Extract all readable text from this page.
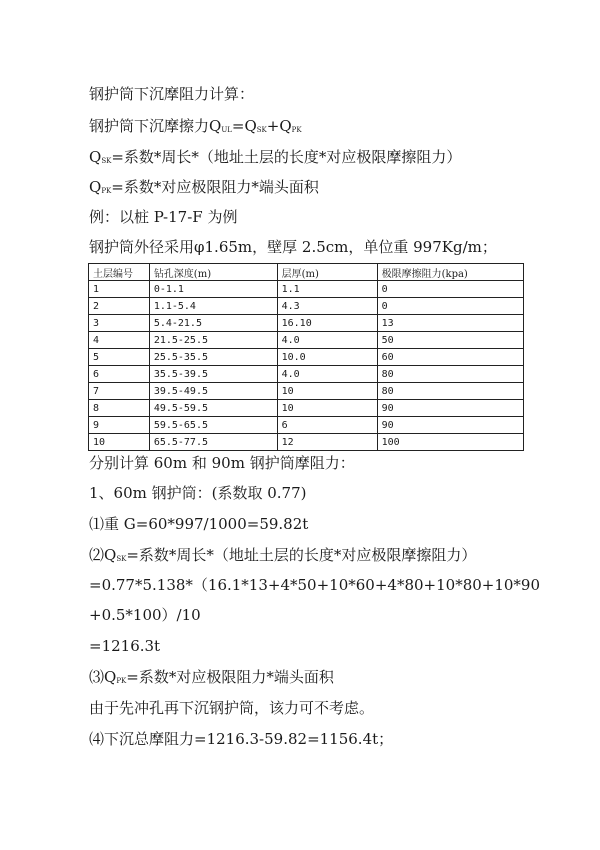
钢护筒下沉摩阻力计算：
钢护筒下沉摩擦力$Q_{UL}=Q_{SK}+Q_{PK}$
$Q_{SK}=$系数*周长*（地址土层的长度*对应极限摩擦阻力）
$Q_{PK}=$系数*对应极限阻力*端头面积
例：以桩 P-17-F 为例
钢护筒外径采用φ1.65m，壁厚 2.5cm，单位重 997Kg/m；
土层编号	钻孔深度(m)	层厚(m)	极限摩擦阻力(kpa)
1	0-1.1	1.1	0
2	1.1-5.4	4.3	0
3	5.4-21.5	16.10	13
4	21.5-25.5	4.0	50
5	25.5-35.5	10.0	60
6	35.5-39.5	4.0	80
7	39.5-49.5	10	80
8	49.5-59.5	10	90
9	59.5-65.5	6	90
10	65.5-77.5	12	100
分别计算 60m 和 90m 钢护筒摩阻力：
1、60m 钢护筒：(系数取 0.77)
⑴重 G=60*997/1000=59.82t
$⑵Q_{SK}=$系数*周长*（地址土层的长度*对应极限摩擦阻力）
=0.77*5.138*（16.1*13+4*50+10*60+4*80+10*80+10*90
+0.5*100）/10
=1216.3t
$⑶Q_{PK}=$系数*对应极限阻力*端头面积
由于先冲孔再下沉钢护筒，该力可不考虑。
⑷下沉总摩阻力=1216.3-59.82=1156.4t；
